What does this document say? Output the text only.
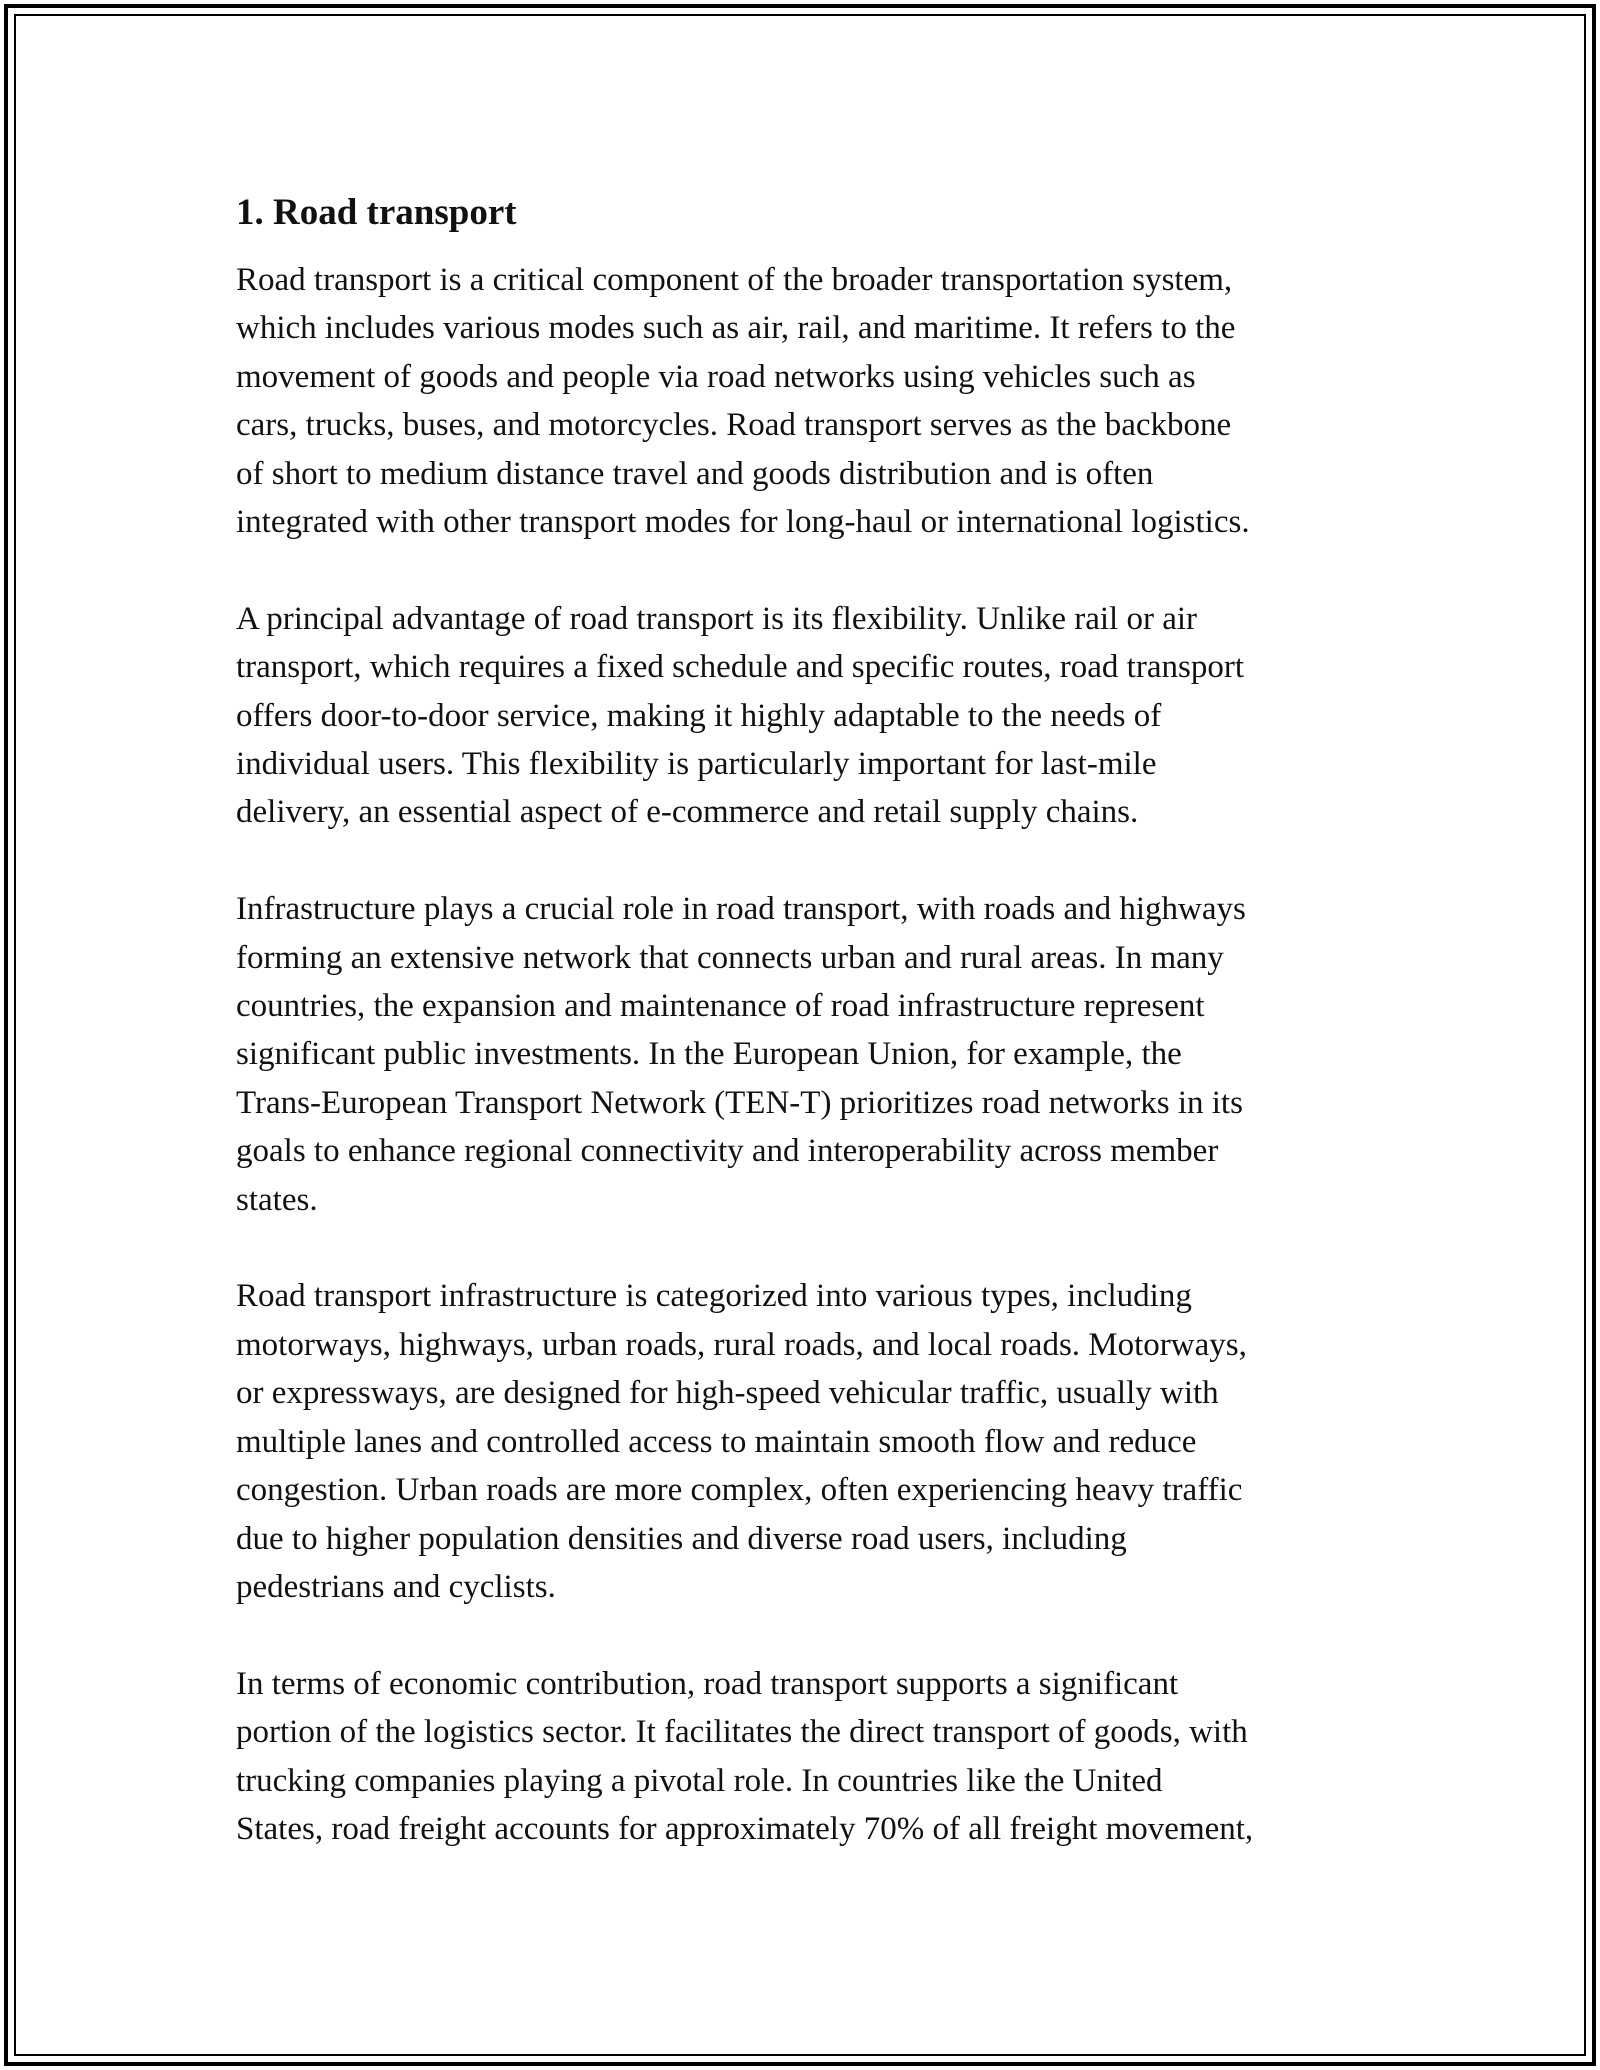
1. Road transport

Road transport is a critical component of the broader transportation system,
which includes various modes such as air, rail, and maritime. It refers to the
movement of goods and people via road networks using vehicles such as
cars, trucks, buses, and motorcycles. Road transport serves as the backbone
of short to medium distance travel and goods distribution and is often
integrated with other transport modes for long-haul or international logistics.

A principal advantage of road transport is its flexibility. Unlike rail or air
transport, which requires a fixed schedule and specific routes, road transport
offers door-to-door service, making it highly adaptable to the needs of
individual users. This flexibility is particularly important for last-mile
delivery, an essential aspect of e-commerce and retail supply chains.

Infrastructure plays a crucial role in road transport, with roads and highways
forming an extensive network that connects urban and rural areas. In many
countries, the expansion and maintenance of road infrastructure represent
significant public investments. In the European Union, for example, the
Trans-European Transport Network (TEN-T) prioritizes road networks in its
goals to enhance regional connectivity and interoperability across member
states.

Road transport infrastructure is categorized into various types, including
motorways, highways, urban roads, rural roads, and local roads. Motorways,
or expressways, are designed for high-speed vehicular traffic, usually with
multiple lanes and controlled access to maintain smooth flow and reduce
congestion. Urban roads are more complex, often experiencing heavy traffic
due to higher population densities and diverse road users, including
pedestrians and cyclists.

In terms of economic contribution, road transport supports a significant
portion of the logistics sector. It facilitates the direct transport of goods, with
trucking companies playing a pivotal role. In countries like the United
States, road freight accounts for approximately 70% of all freight movement,
